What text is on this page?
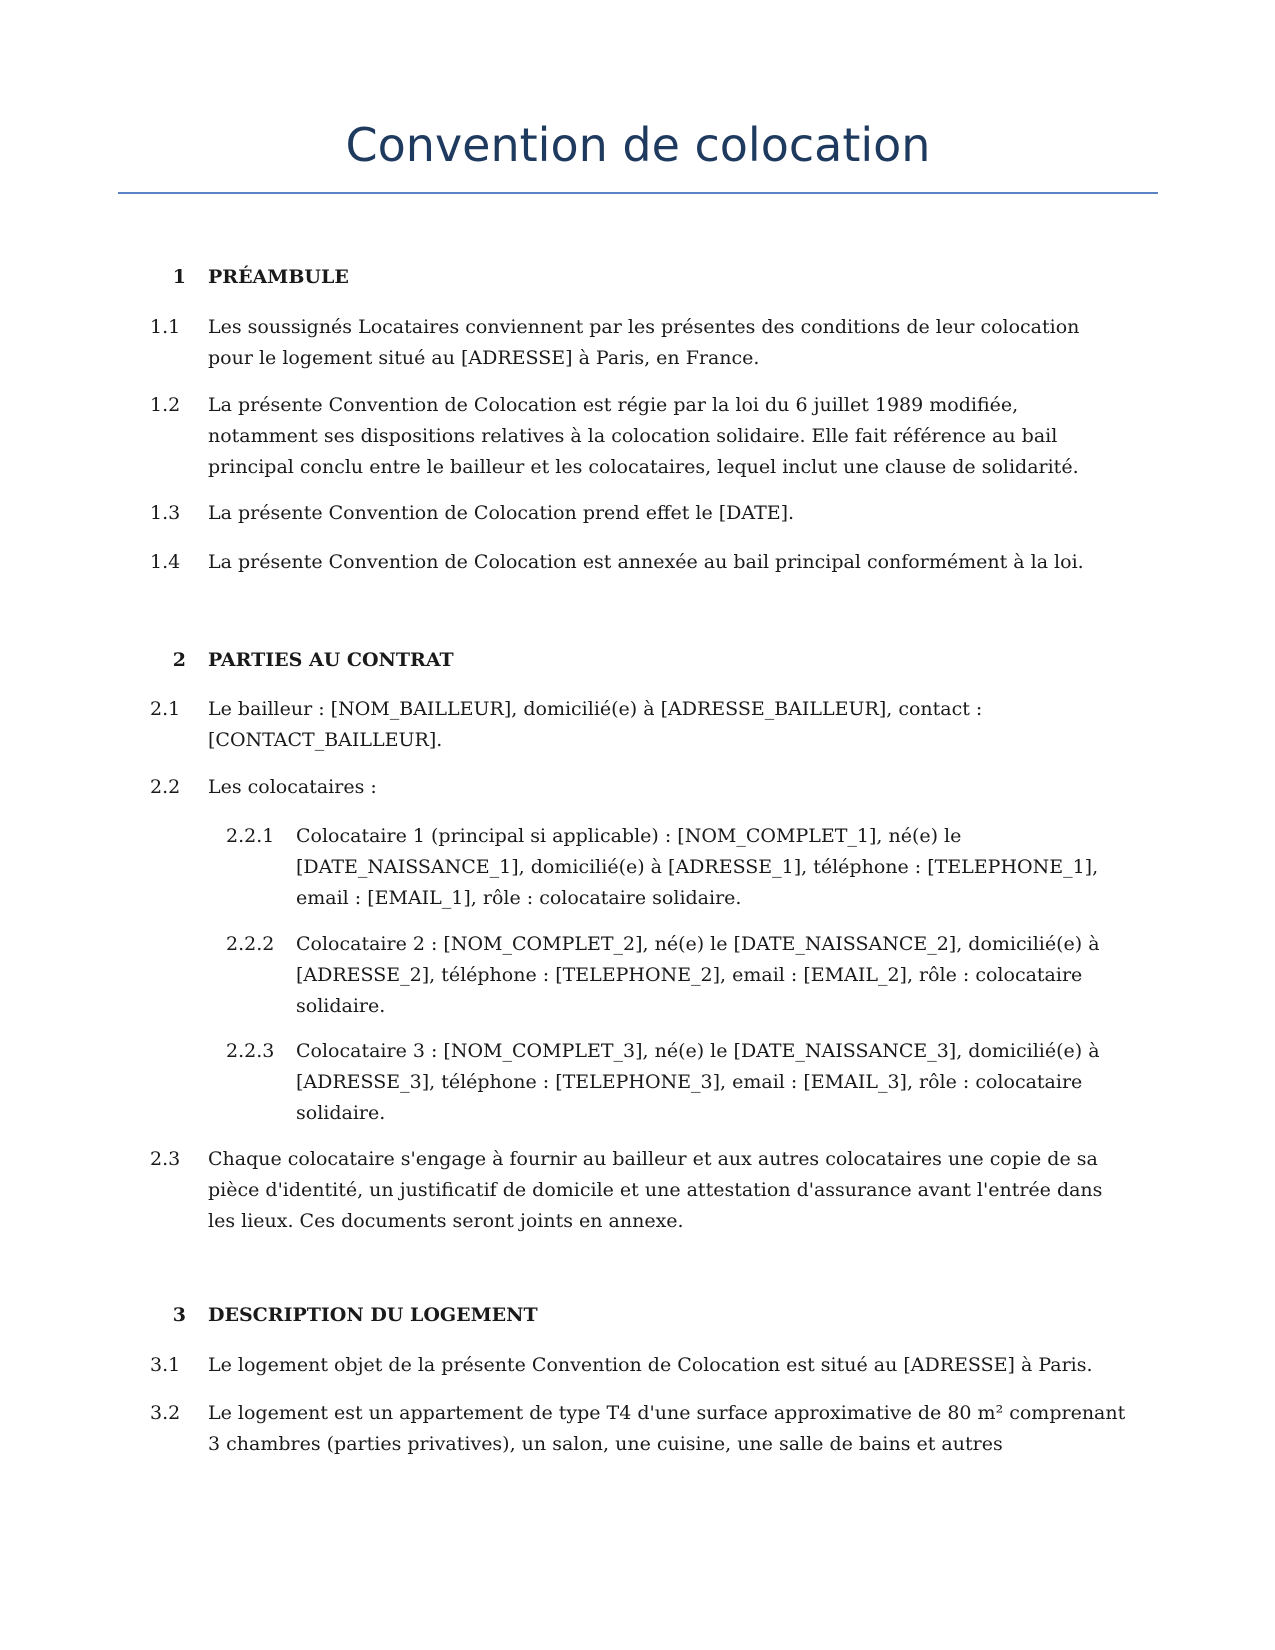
Convention de colocation
1	PRÉAMBULE
1.1	Les soussignés Locataires conviennent par les présentes des conditions de leur colocation pour le logement situé au [ADRESSE] à Paris, en France.
1.2	La présente Convention de Colocation est régie par la loi du 6 juillet 1989 modifiée, notamment ses dispositions relatives à la colocation solidaire. Elle fait référence au bail principal conclu entre le bailleur et les colocataires, lequel inclut une clause de solidarité.
1.3	La présente Convention de Colocation prend effet le [DATE].
1.4	La présente Convention de Colocation est annexée au bail principal conformément à la loi.
2	PARTIES AU CONTRAT
2.1	Le bailleur : [NOM_BAILLEUR], domicilié(e) à [ADRESSE_BAILLEUR], contact : [CONTACT_BAILLEUR].
2.2	Les colocataires :
2.2.1	Colocataire 1 (principal si applicable) : [NOM_COMPLET_1], né(e) le [DATE_NAISSANCE_1], domicilié(e) à [ADRESSE_1], téléphone : [TELEPHONE_1], email : [EMAIL_1], rôle : colocataire solidaire.
2.2.2	Colocataire 2 : [NOM_COMPLET_2], né(e) le [DATE_NAISSANCE_2], domicilié(e) à [ADRESSE_2], téléphone : [TELEPHONE_2], email : [EMAIL_2], rôle : colocataire solidaire.
2.2.3	Colocataire 3 : [NOM_COMPLET_3], né(e) le [DATE_NAISSANCE_3], domicilié(e) à [ADRESSE_3], téléphone : [TELEPHONE_3], email : [EMAIL_3], rôle : colocataire solidaire.
2.3	Chaque colocataire s'engage à fournir au bailleur et aux autres colocataires une copie de sa pièce d'identité, un justificatif de domicile et une attestation d'assurance avant l'entrée dans les lieux. Ces documents seront joints en annexe.
3	DESCRIPTION DU LOGEMENT
3.1	Le logement objet de la présente Convention de Colocation est situé au [ADRESSE] à Paris.
3.2	Le logement est un appartement de type T4 d'une surface approximative de 80 m² comprenant 3 chambres (parties privatives), un salon, une cuisine, une salle de bains et autres
